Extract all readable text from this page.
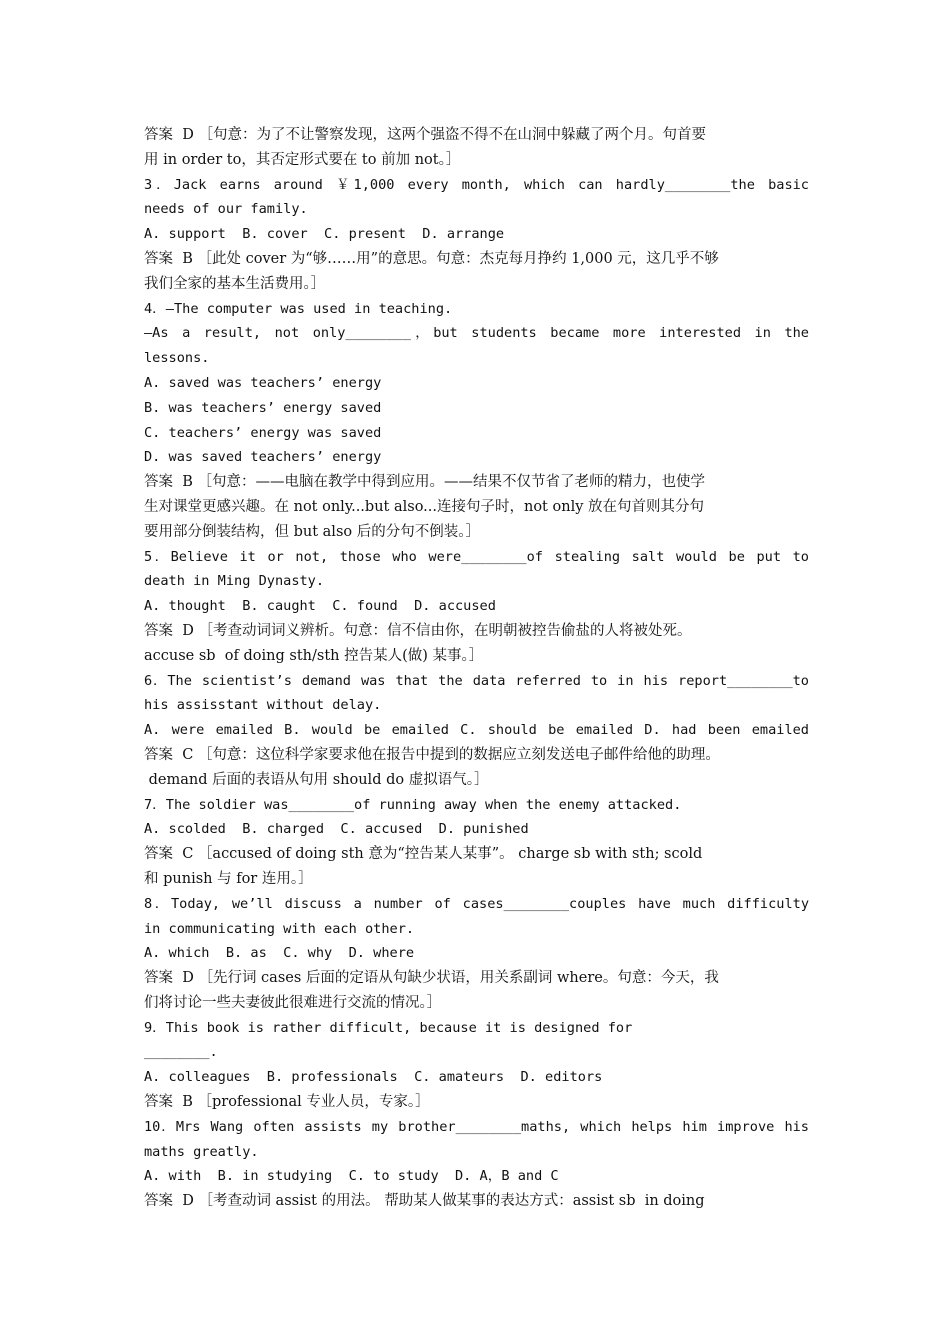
答案  D ［句意：为了不让警察发现，这两个强盗不得不在山洞中躲藏了两个月。句首要
用 in order to，其否定形式要在 to 前加 not。］
3．Jack earns around ￥1,000 every month, which can hardly________the basic
needs of our family.
A. support  B. cover  C. present  D. arrange
答案  B ［此处 cover 为“够……用”的意思。句意：杰克每月挣约 1,000 元，这几乎不够
我们全家的基本生活费用。］
4．—The computer was used in teaching.
—As a result, not only________，but students became more interested in the
lessons.
A. saved was teachers’ energy
B. was teachers’ energy saved
C. teachers’ energy was saved
D. was saved teachers’ energy
答案  B ［句意：——电脑在教学中得到应用。——结果不仅节省了老师的精力，也使学
生对课堂更感兴趣。在 not only...but also...连接句子时，not only 放在句首则其分句
要用部分倒装结构，但 but also 后的分句不倒装。］
5．Believe it or not, those who were________of stealing salt would be put to
death in Ming Dynasty.
A. thought  B. caught  C. found  D. accused
答案  D ［考查动词词义辨析。句意：信不信由你，在明朝被控告偷盐的人将被处死。
accuse sb  of doing sth/sth 控告某人(做) 某事。］
6．The scientist’s demand was that the data referred to in his report________to
his assisstant without delay.
A. were emailed B. would be emailed C. should be emailed D. had been emailed
答案  C ［句意：这位科学家要求他在报告中提到的数据应立刻发送电子邮件给他的助理。
demand 后面的表语从句用 should do 虚拟语气。］
7．The soldier was________of running away when the enemy attacked.
A. scolded  B. charged  C. accused  D. punished
答案  C ［accused of doing sth 意为“控告某人某事”。 charge sb with sth; scold
和 punish 与 for 连用。］
8．Today, we’ll discuss a number of cases________couples have much difficulty
in communicating with each other.
A. which  B. as  C. why  D. where
答案  D ［先行词 cases 后面的定语从句缺少状语，用关系副词 where。句意：今天，我
们将讨论一些夫妻彼此很难进行交流的情况。］
9．This book is rather difficult, because it is designed for
________.
A. colleagues  B. professionals  C. amateurs  D. editors
答案  B ［professional 专业人员，专家。］
10．Mrs Wang often assists my brother________maths, which helps him improve his
maths greatly.
A. with  B. in studying  C. to study  D. A，B and C
答案  D ［考查动词 assist 的用法。 帮助某人做某事的表达方式：assist sb  in doing
